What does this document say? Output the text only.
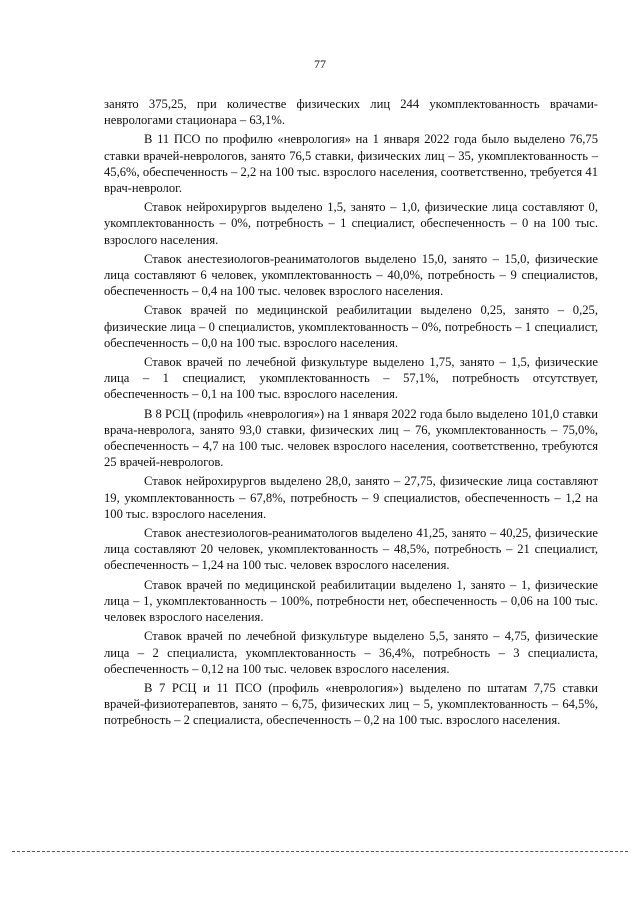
77

занято 375,25, при количестве физических лиц 244 укомплектованность врачами-неврологами стационара – 63,1%.

В 11 ПСО по профилю «неврология» на 1 января 2022 года было выделено 76,75 ставки врачей-неврологов, занято 76,5 ставки, физических лиц – 35, укомплектованность – 45,6%, обеспеченность – 2,2 на 100 тыс. взрослого населения, соответственно, требуется 41 врач-невролог.

Ставок нейрохирургов выделено 1,5, занято – 1,0, физические лица составляют 0, укомплектованность – 0%, потребность – 1 специалист, обеспеченность – 0 на 100 тыс. взрослого населения.

Ставок анестезиологов-реаниматологов выделено 15,0, занято – 15,0, физические лица составляют 6 человек, укомплектованность – 40,0%, потребность – 9 специалистов, обеспеченность – 0,4 на 100 тыс. человек взрослого населения.

Ставок врачей по медицинской реабилитации выделено 0,25, занято – 0,25, физические лица – 0 специалистов, укомплектованность – 0%, потребность – 1 специалист, обеспеченность – 0,0 на 100 тыс. взрослого населения.

Ставок врачей по лечебной физкультуре выделено 1,75, занято – 1,5, физические лица – 1 специалист, укомплектованность – 57,1%, потребность отсутствует, обеспеченность – 0,1 на 100 тыс. взрослого населения.

В 8 РСЦ (профиль «неврология») на 1 января 2022 года было выделено 101,0 ставки врача-невролога, занято 93,0 ставки, физических лиц – 76, укомплектованность – 75,0%, обеспеченность – 4,7 на 100 тыс. человек взрослого населения, соответственно, требуются 25 врачей-неврологов.

Ставок нейрохирургов выделено 28,0, занято – 27,75, физические лица составляют 19, укомплектованность – 67,8%, потребность – 9 специалистов, обеспеченность – 1,2 на 100 тыс. взрослого населения.

Ставок анестезиологов-реаниматологов выделено 41,25, занято – 40,25, физические лица составляют 20 человек, укомплектованность – 48,5%, потребность – 21 специалист, обеспеченность – 1,24 на 100 тыс. человек взрослого населения.

Ставок врачей по медицинской реабилитации выделено 1, занято – 1, физические лица – 1, укомплектованность – 100%, потребности нет, обеспеченность – 0,06 на 100 тыс. человек взрослого населения.

Ставок врачей по лечебной физкультуре выделено 5,5, занято – 4,75, физические лица – 2 специалиста, укомплектованность – 36,4%, потребность – 3 специалиста, обеспеченность – 0,12 на 100 тыс. человек взрослого населения.

В 7 РСЦ и 11 ПСО (профиль «неврология») выделено по штатам 7,75 ставки врачей-физиотерапевтов, занято – 6,75, физических лиц – 5, укомплектованность – 64,5%, потребность – 2 специалиста, обеспеченность – 0,2 на 100 тыс. взрослого населения.
